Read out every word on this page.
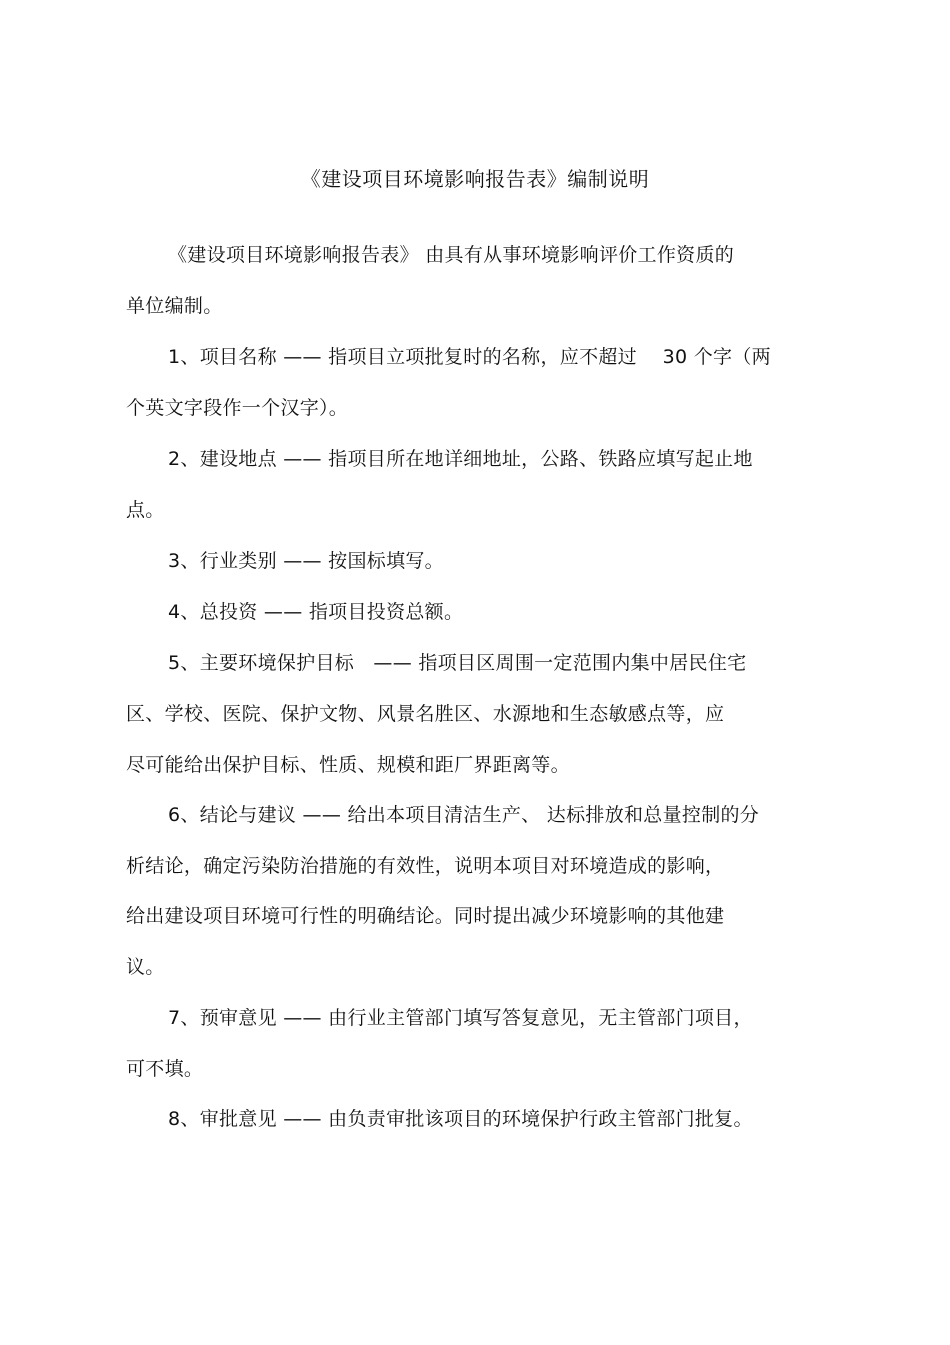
《建设项目环境影响报告表》编制说明
《建设项目环境影响报告表》 由具有从事环境影响评价工作资质的
单位编制。
1、项目名称 —— 指项目立项批复时的名称，应不超过　 30 个字（两
个英文字段作一个汉字）。
2、建设地点 —— 指项目所在地详细地址，公路、铁路应填写起止地
点。
3、行业类别 —— 按国标填写。
4、总投资 —— 指项目投资总额。
5、主要环境保护目标　—— 指项目区周围一定范围内集中居民住宅
区、学校、医院、保护文物、风景名胜区、水源地和生态敏感点等，应
尽可能给出保护目标、性质、规模和距厂界距离等。
6、结论与建议 —— 给出本项目清洁生产、 达标排放和总量控制的分
析结论，确定污染防治措施的有效性，说明本项目对环境造成的影响，
给出建设项目环境可行性的明确结论。同时提出减少环境影响的其他建
议。
7、预审意见 —— 由行业主管部门填写答复意见，无主管部门项目，
可不填。
8、审批意见 —— 由负责审批该项目的环境保护行政主管部门批复。
